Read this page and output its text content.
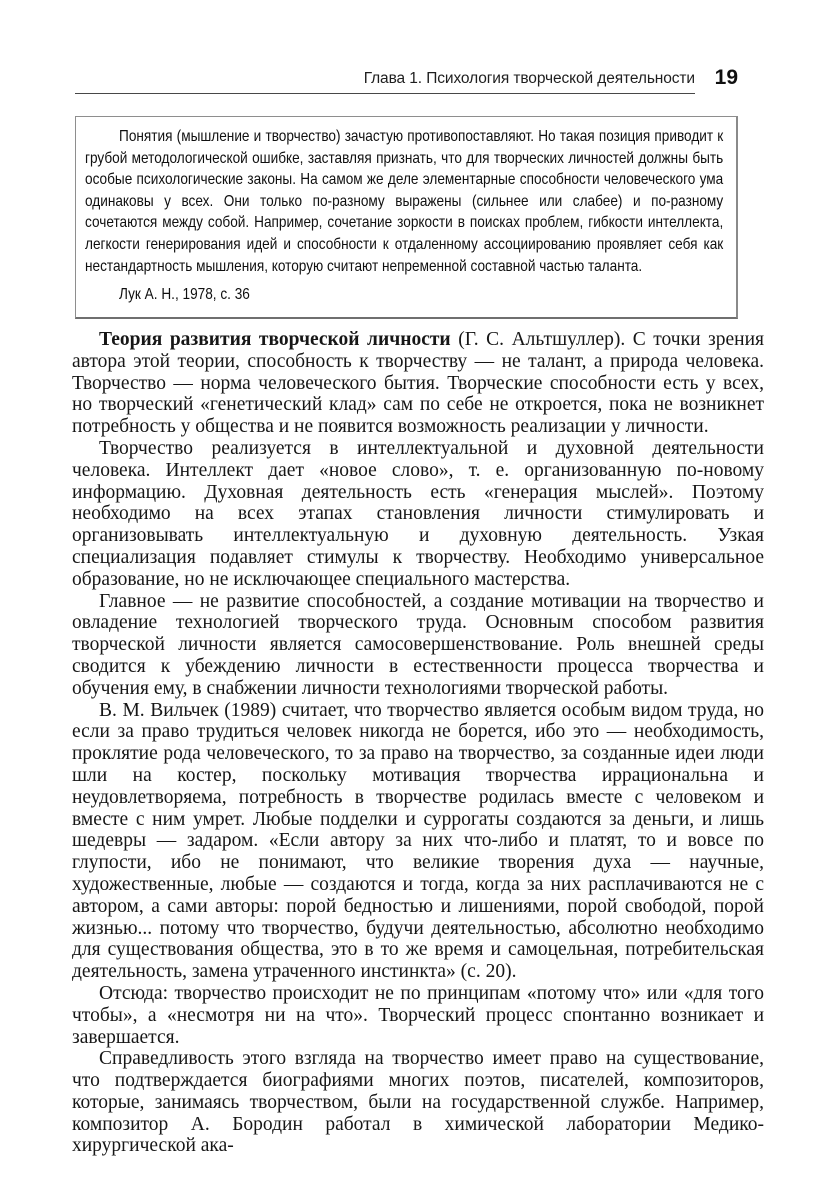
Глава 1. Психология творческой деятельности 19

Понятия (мышление и творчество) зачастую противопоставляют. Но такая позиция приводит к грубой методологической ошибке, заставляя признать, что для творческих личностей должны быть особые психологические законы. На самом же деле элементарные способности человеческого ума одинаковы у всех. Они только по-разному выражены (сильнее или слабее) и по-разному сочетаются между собой. Например, сочетание зоркости в поисках проблем, гибкости интеллекта, легкости генерирования идей и способности к отдаленному ассоциированию проявляет себя как нестандартность мышления, которую считают непременной составной частью таланта.

Лук А. Н., 1978, с. 36

Теория развития творческой личности (Г. С. Альтшуллер). С точки зрения автора этой теории, способность к творчеству — не талант, а природа человека. Творчество — норма человеческого бытия. Творческие способности есть у всех, но творческий «генетический клад» сам по себе не откроется, пока не возникнет потребность у общества и не появится возможность реализации у личности.

Творчество реализуется в интеллектуальной и духовной деятельности человека. Интеллект дает «новое слово», т. е. организованную по-новому информацию. Духовная деятельность есть «генерация мыслей». Поэтому необходимо на всех этапах становления личности стимулировать и организовывать интеллектуальную и духовную деятельность. Узкая специализация подавляет стимулы к творчеству. Необходимо универсальное образование, но не исключающее специального мастерства.

Главное — не развитие способностей, а создание мотивации на творчество и овладение технологией творческого труда. Основным способом развития творческой личности является самосовершенствование. Роль внешней среды сводится к убеждению личности в естественности процесса творчества и обучения ему, в снабжении личности технологиями творческой работы.

В. М. Вильчек (1989) считает, что творчество является особым видом труда, но если за право трудиться человек никогда не борется, ибо это — необходимость, проклятие рода человеческого, то за право на творчество, за созданные идеи люди шли на костер, поскольку мотивация творчества иррациональна и неудовлетворяема, потребность в творчестве родилась вместе с человеком и вместе с ним умрет. Любые подделки и суррогаты создаются за деньги, и лишь шедевры — задаром. «Если автору за них что-либо и платят, то и вовсе по глупости, ибо не понимают, что великие творения духа — научные, художественные, любые — создаются и тогда, когда за них расплачиваются не с автором, а сами авторы: порой бедностью и лишениями, порой свободой, порой жизнью... потому что творчество, будучи деятельностью, абсолютно необходимо для существования общества, это в то же время и самоцельная, потребительская деятельность, замена утраченного инстинкта» (с. 20).

Отсюда: творчество происходит не по принципам «потому что» или «для того чтобы», а «несмотря ни на что». Творческий процесс спонтанно возникает и завершается.

Справедливость этого взгляда на творчество имеет право на существование, что подтверждается биографиями многих поэтов, писателей, композиторов, которые, занимаясь творчеством, были на государственной службе. Например, композитор А. Бородин работал в химической лаборатории Медико-хирургической ака-
